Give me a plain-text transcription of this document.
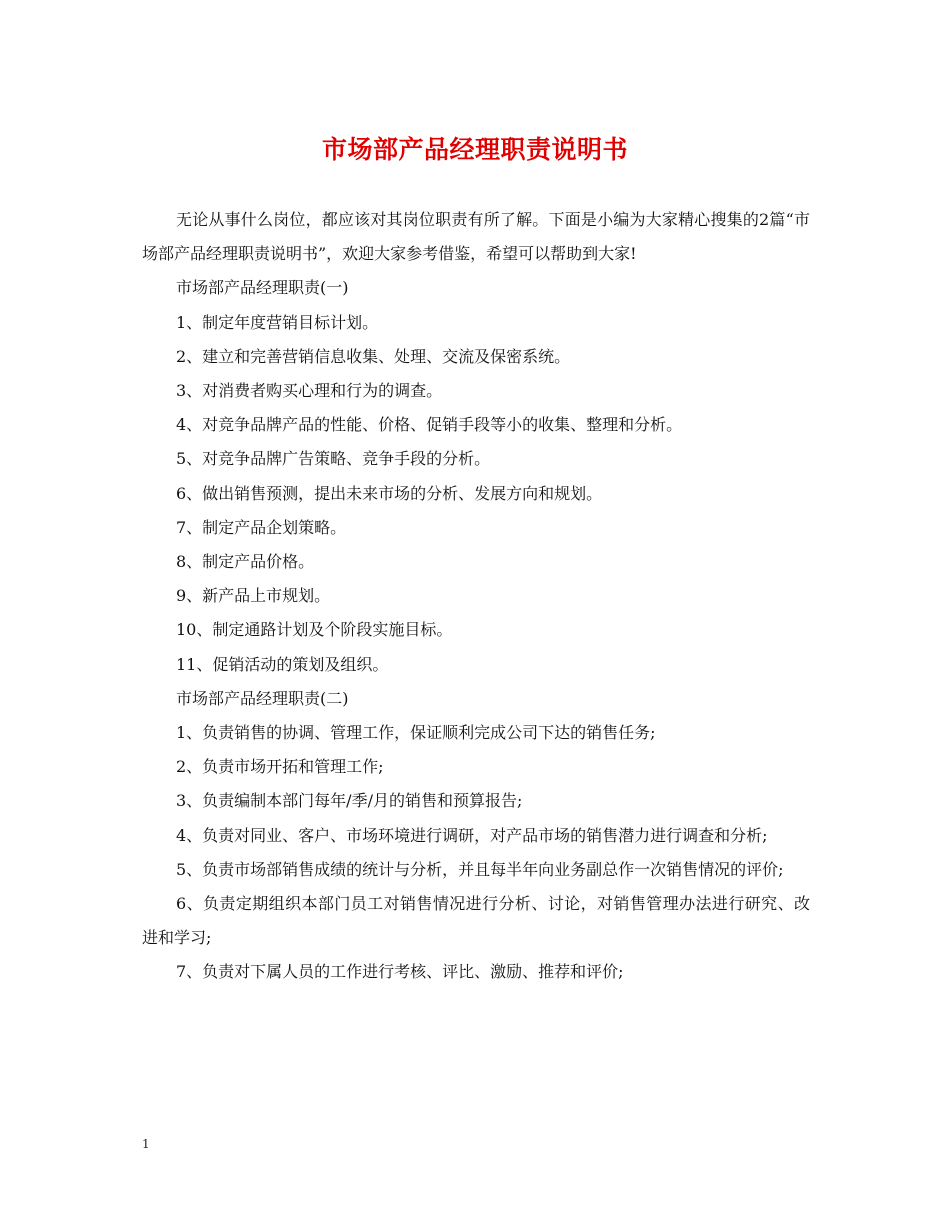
市场部产品经理职责说明书

无论从事什么岗位，都应该对其岗位职责有所了解。下面是小编为大家精心搜集的2篇“市场部产品经理职责说明书”，欢迎大家参考借鉴，希望可以帮助到大家!

市场部产品经理职责(一)

1、制定年度营销目标计划。

2、建立和完善营销信息收集、处理、交流及保密系统。

3、对消费者购买心理和行为的调查。

4、对竞争品牌产品的性能、价格、促销手段等小的收集、整理和分析。

5、对竞争品牌广告策略、竞争手段的分析。

6、做出销售预测，提出未来市场的分析、发展方向和规划。

7、制定产品企划策略。

8、制定产品价格。

9、新产品上市规划。

10、制定通路计划及个阶段实施目标。

11、促销活动的策划及组织。

市场部产品经理职责(二)

1、负责销售的协调、管理工作，保证顺利完成公司下达的销售任务;

2、负责市场开拓和管理工作;

3、负责编制本部门每年/季/月的销售和预算报告;

4、负责对同业、客户、市场环境进行调研，对产品市场的销售潜力进行调查和分析;

5、负责市场部销售成绩的统计与分析，并且每半年向业务副总作一次销售情况的评价;

6、负责定期组织本部门员工对销售情况进行分析、讨论，对销售管理办法进行研究、改进和学习;

7、负责对下属人员的工作进行考核、评比、激励、推荐和评价;

1
